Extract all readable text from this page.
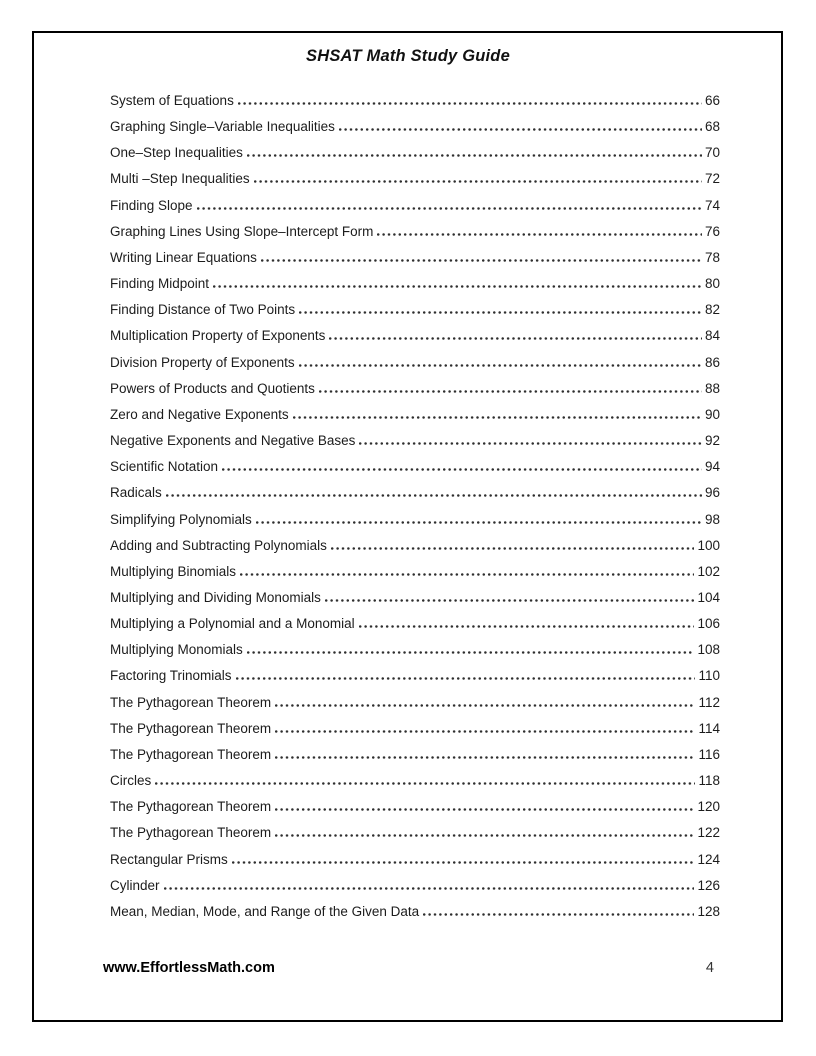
SHSAT Math Study Guide
System of Equations	66
Graphing Single–Variable Inequalities	68
One–Step Inequalities	70
Multi –Step Inequalities	72
Finding Slope	74
Graphing Lines Using Slope–Intercept Form	76
Writing Linear Equations	78
Finding Midpoint	80
Finding Distance of Two Points	82
Multiplication Property of Exponents	84
Division Property of Exponents	86
Powers of Products and Quotients	88
Zero and Negative Exponents	90
Negative Exponents and Negative Bases	92
Scientific Notation	94
Radicals	96
Simplifying Polynomials	98
Adding and Subtracting Polynomials	100
Multiplying Binomials	102
Multiplying and Dividing Monomials	104
Multiplying a Polynomial and a Monomial	106
Multiplying Monomials	108
Factoring Trinomials	110
The Pythagorean Theorem	112
The Pythagorean Theorem	114
The Pythagorean Theorem	116
Circles	118
The Pythagorean Theorem	120
The Pythagorean Theorem	122
Rectangular Prisms	124
Cylinder	126
Mean, Median, Mode, and Range of the Given Data	128
www.EffortlessMath.com	4
